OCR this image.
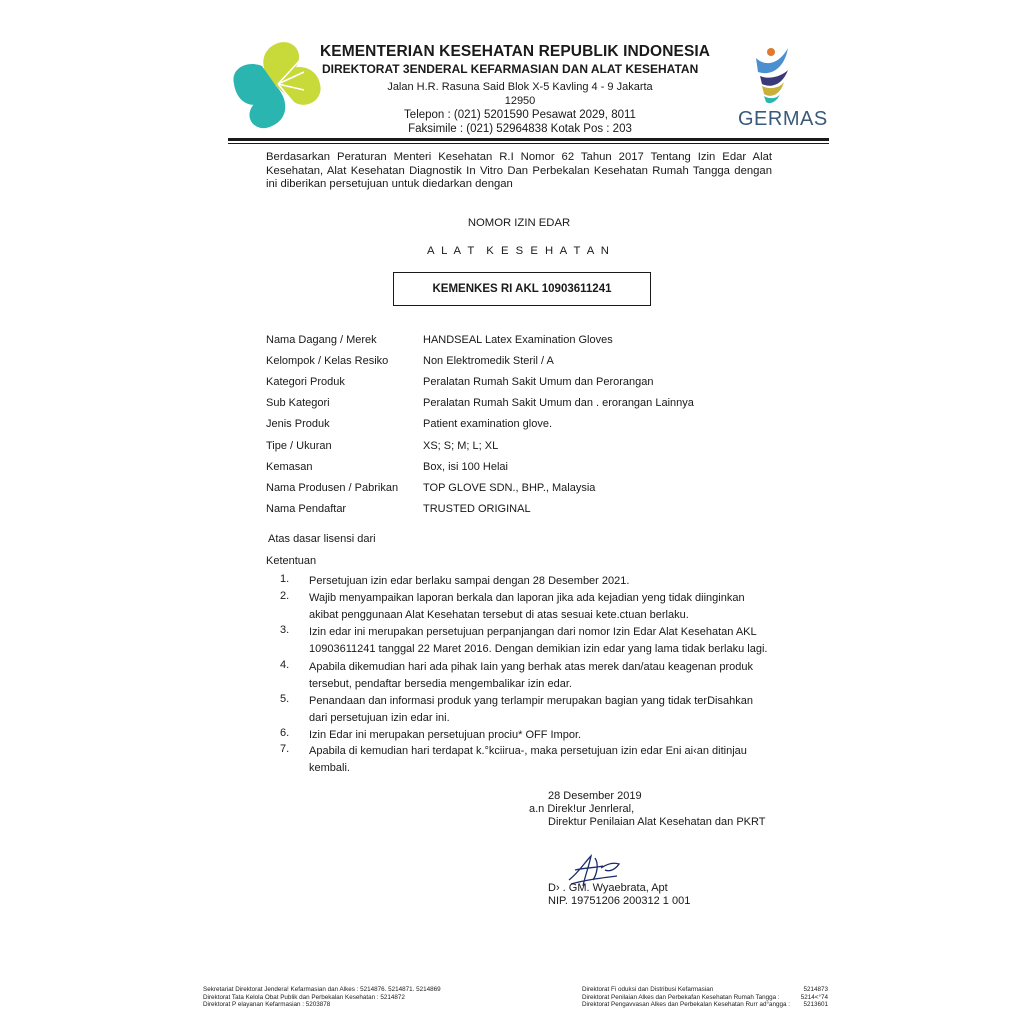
KEMENTERIAN KESEHATAN REPUBLIK INDONESIA
DIREKTORAT 3ENDERAL KEFARMASIAN DAN ALAT KESEHATAN
Jalan H.R. Rasuna Said Blok X-5 Kavling 4 - 9 Jakarta 12950
Telepon : (021) 5201590 Pesawat 2029, 8011
Faksimile : (021) 52964838 Kotak Pos : 203	GERMAS
Berdasarkan Peraturan Menteri Kesehatan R.I Nomor 62 Tahun 2017 Tentang Izin Edar Alat Kesehatan, Alat Kesehatan Diagnostik In Vitro Dan Perbekalan Kesehatan Rumah Tangga dengan ini diberikan persetujuan untuk diedarkan dengan
NOMOR IZIN EDAR
A L A T  K E S E H A T A N
KEMENKES RI AKL 10903611241
Nama Dagang / Merek	HANDSEAL Latex Examination Gloves
Kelompok / Kelas Resiko	Non Elektromedik Steril / A
Kategori Produk	Peralatan Rumah Sakit Umum dan Perorangan
Sub Kategori	Peralatan Rumah Sakit Umum dan . erorangan Lainnya
Jenis Produk	Patient examination glove.
Tipe / Ukuran	XS; S; M; L; XL
Kemasan	Box, isi 100 Helai
Nama Produsen / Pabrikan TOP GLOVE SDN., BHP., Malaysia
Nama Pendaftar	TRUSTED ORIGINAL
Atas dasar lisensi dari
Ketentuan
1. Persetujuan izin edar berlaku sampai dengan 28 Desember 2021.
2. Wajib menyampaikan laporan berkala dan laporan jika ada kejadian yeng tidak diinginkan akibat penggunaan Alat Kesehatan tersebut di atas sesuai kete.ctuan berlaku.
3. Izin edar ini merupakan persetujuan perpanjangan dari nomor Izin Edar Alat Kesehatan AKL 10903611241 tanggal 22 Maret 2016. Dengan demikian izin edar yang lama tidak berlaku lagi.
4. Apabila dikemudian hari ada pihak Iain yang berhak atas merek dan/atau keagenan produk tersebut, pendaftar bersedia mengembalikar izin edar.
5. Penandaan dan informasi produk yang terlampir merupakan bagian yang tidak terDisahkan dari persetujuan izin edar ini.
6. Izin Edar ini merupakan persetujuan prociu* OFF Impor.
7. Apabila di kemudian hari terdapat k.°kciirua-, maka persetujuan izin edar Eni ai‹an ditinjau kembali.
28 Desember 2019
a.n Direk!ur Jenrleral,
Direktur Penilaian Alat Kesehatan dan PKRT
D› . GM. Wyaebrata, Apt
NIP. 19751206 200312 1 001
Sekretariat Direktorat Jendera! Kefarmasian dan Alkes : 5214876. 5214871. 5214869
Direktorat Tata Kelola Obat Publik dan Perbekalan Kesehatan : 5214872
Direktorat P elayanan Kefarmasian : 5203878
Direktorat Fi oduksi dan Distribusi Kefarmasian	5214873
Direktorat Penilaian Alkes dan Perbekafan Kesehatan Rumah Tangga :	5214<°74
Direktorat Pengavvasan Alkes dan Perbekalan Kesehatan Rurr ad°angga : 5213601
